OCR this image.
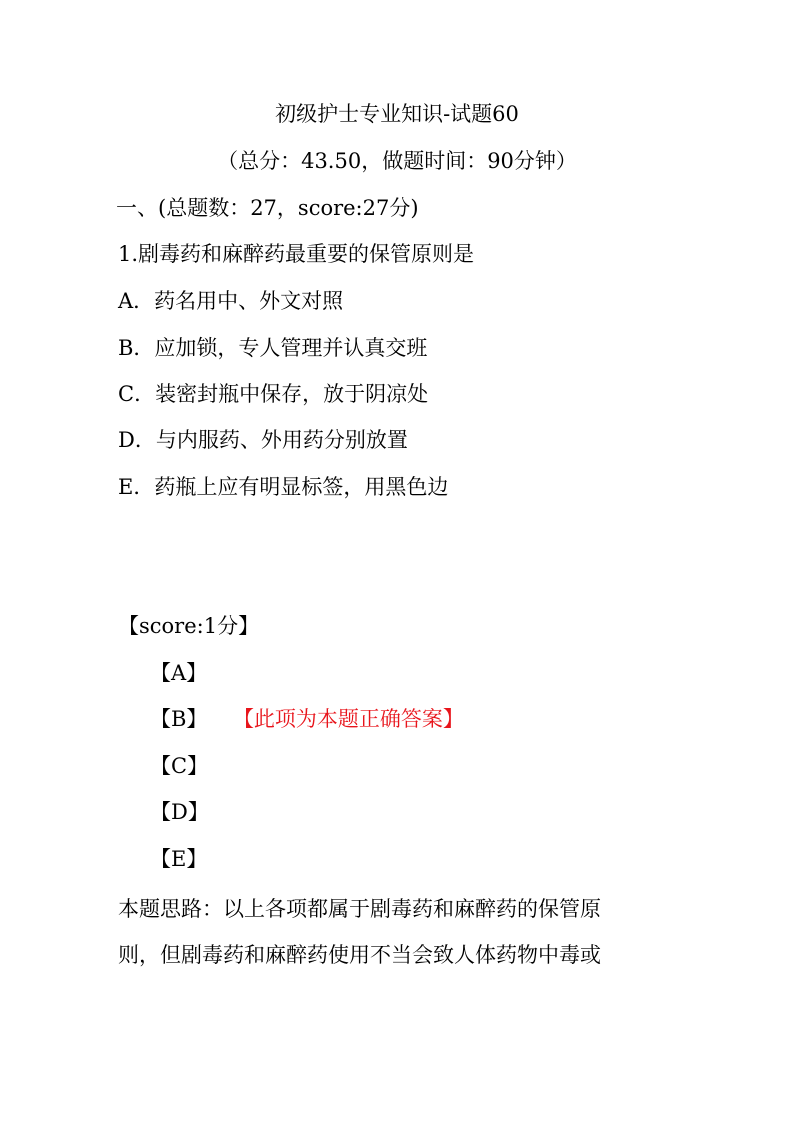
初级护士专业知识-试题60
（总分：43.50，做题时间：90分钟）
一、(总题数：27，score:27分)
1.剧毒药和麻醉药最重要的保管原则是
A．药名用中、外文对照
B．应加锁，专人管理并认真交班
C．装密封瓶中保存，放于阴凉处
D．与内服药、外用药分别放置
E．药瓶上应有明显标签，用黑色边
【score:1分】
【A】
【B】 【此项为本题正确答案】
【C】
【D】
【E】
本题思路：以上各项都属于剧毒药和麻醉药的保管原
则，但剧毒药和麻醉药使用不当会致人体药物中毒或
